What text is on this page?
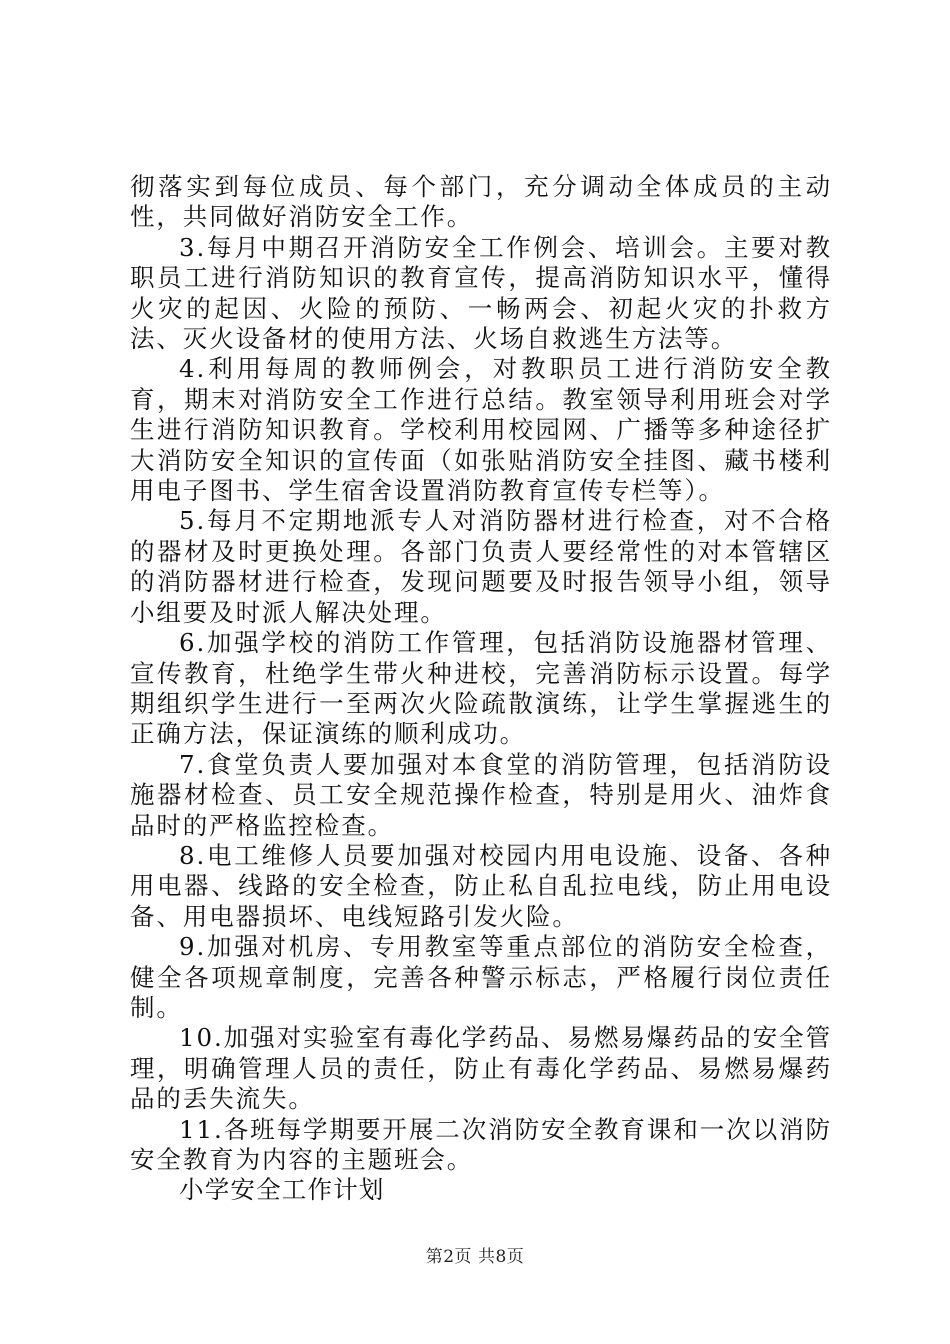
彻落实到每位成员、每个部门，充分调动全体成员的主动性，共同做好消防安全工作。

3.每月中期召开消防安全工作例会、培训会。主要对教职员工进行消防知识的教育宣传，提高消防知识水平，懂得火灾的起因、火险的预防、一畅两会、初起火灾的扑救方法、灭火设备材的使用方法、火场自救逃生方法等。

4.利用每周的教师例会，对教职员工进行消防安全教育，期末对消防安全工作进行总结。教室领导利用班会对学生进行消防知识教育。学校利用校园网、广播等多种途径扩大消防安全知识的宣传面（如张贴消防安全挂图、藏书楼利用电子图书、学生宿舍设置消防教育宣传专栏等）。

5.每月不定期地派专人对消防器材进行检查，对不合格的器材及时更换处理。各部门负责人要经常性的对本管辖区的消防器材进行检查，发现问题要及时报告领导小组，领导小组要及时派人解决处理。

6.加强学校的消防工作管理，包括消防设施器材管理、宣传教育，杜绝学生带火种进校，完善消防标示设置。每学期组织学生进行一至两次火险疏散演练，让学生掌握逃生的正确方法，保证演练的顺利成功。

7.食堂负责人要加强对本食堂的消防管理，包括消防设施器材检查、员工安全规范操作检查，特别是用火、油炸食品时的严格监控检查。

8.电工维修人员要加强对校园内用电设施、设备、各种用电器、线路的安全检查，防止私自乱拉电线，防止用电设备、用电器损坏、电线短路引发火险。

9.加强对机房、专用教室等重点部位的消防安全检查，健全各项规章制度，完善各种警示标志，严格履行岗位责任制。

10.加强对实验室有毒化学药品、易燃易爆药品的安全管理，明确管理人员的责任，防止有毒化学药品、易燃易爆药品的丢失流失。

11.各班每学期要开展二次消防安全教育课和一次以消防安全教育为内容的主题班会。

小学安全工作计划

第2页 共8页
